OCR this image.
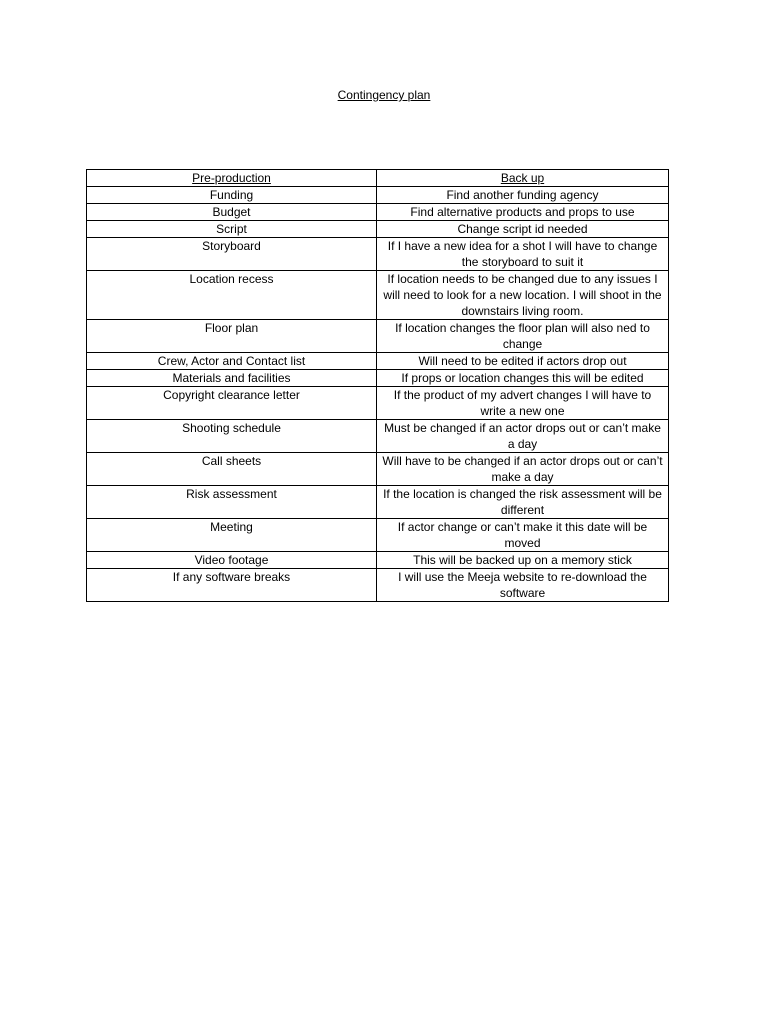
Contingency plan
Pre-production	Back up
Funding	Find another funding agency
Budget	Find alternative products and props to use
Script	Change script id needed
Storyboard	If I have a new idea for a shot I will have to change the storyboard to suit it
Location recess	If location needs to be changed due to any issues I will need to look for a new location. I will shoot in the downstairs living room.
Floor plan	If location changes the floor plan will also ned to change
Crew, Actor and Contact list	Will need to be edited if actors drop out
Materials and facilities	If props or location changes this will be edited
Copyright clearance letter	If the product of my advert changes I will have to write a new one
Shooting schedule	Must be changed if an actor drops out or can’t make a day
Call sheets	Will have to be changed if an actor drops out or can’t make a day
Risk assessment	If the location is changed the risk assessment will be different
Meeting	If actor change or can’t make it this date will be moved
Video footage	This will be backed up on a memory stick
If any software breaks	I will use the Meeja website to re-download the software
